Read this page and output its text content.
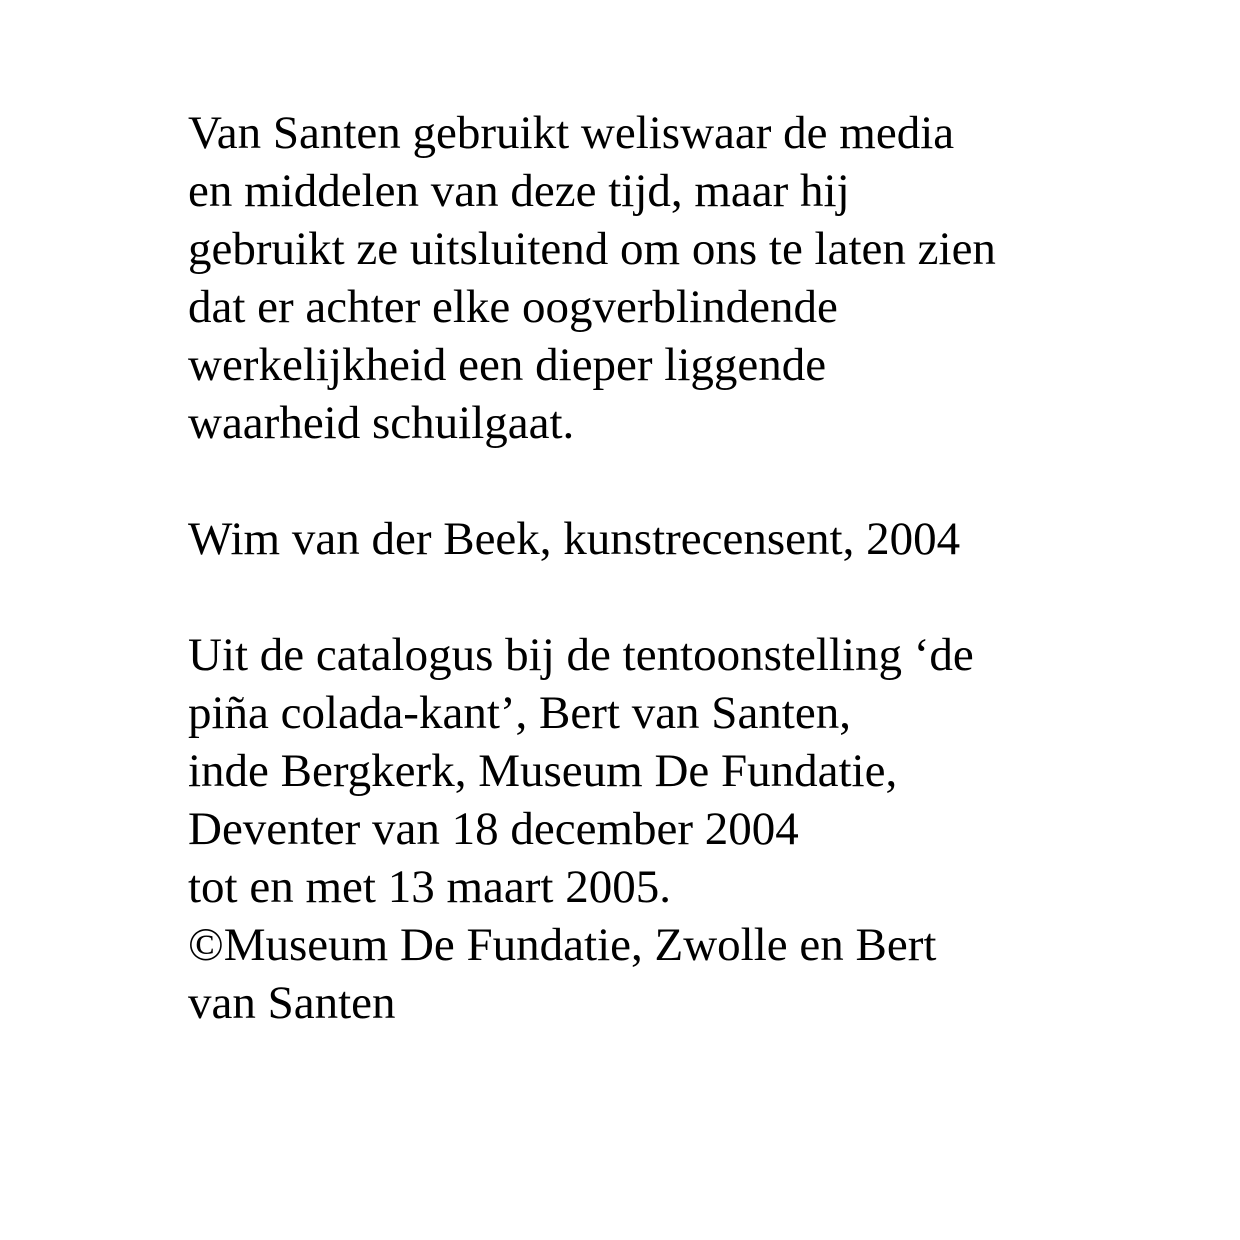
Van Santen gebruikt weliswaar de media
en middelen van deze tijd, maar hij
gebruikt ze uitsluitend om ons te laten zien
dat er achter elke oogverblindende
werkelijkheid een dieper liggende
waarheid schuilgaat.
Wim van der Beek, kunstrecensent, 2004
Uit de catalogus bij de tentoonstelling ‘de
piña colada-kant’, Bert van Santen,
inde Bergkerk, Museum De Fundatie,
Deventer van 18 december 2004
tot en met 13 maart 2005.
©Museum De Fundatie, Zwolle en Bert
van Santen
